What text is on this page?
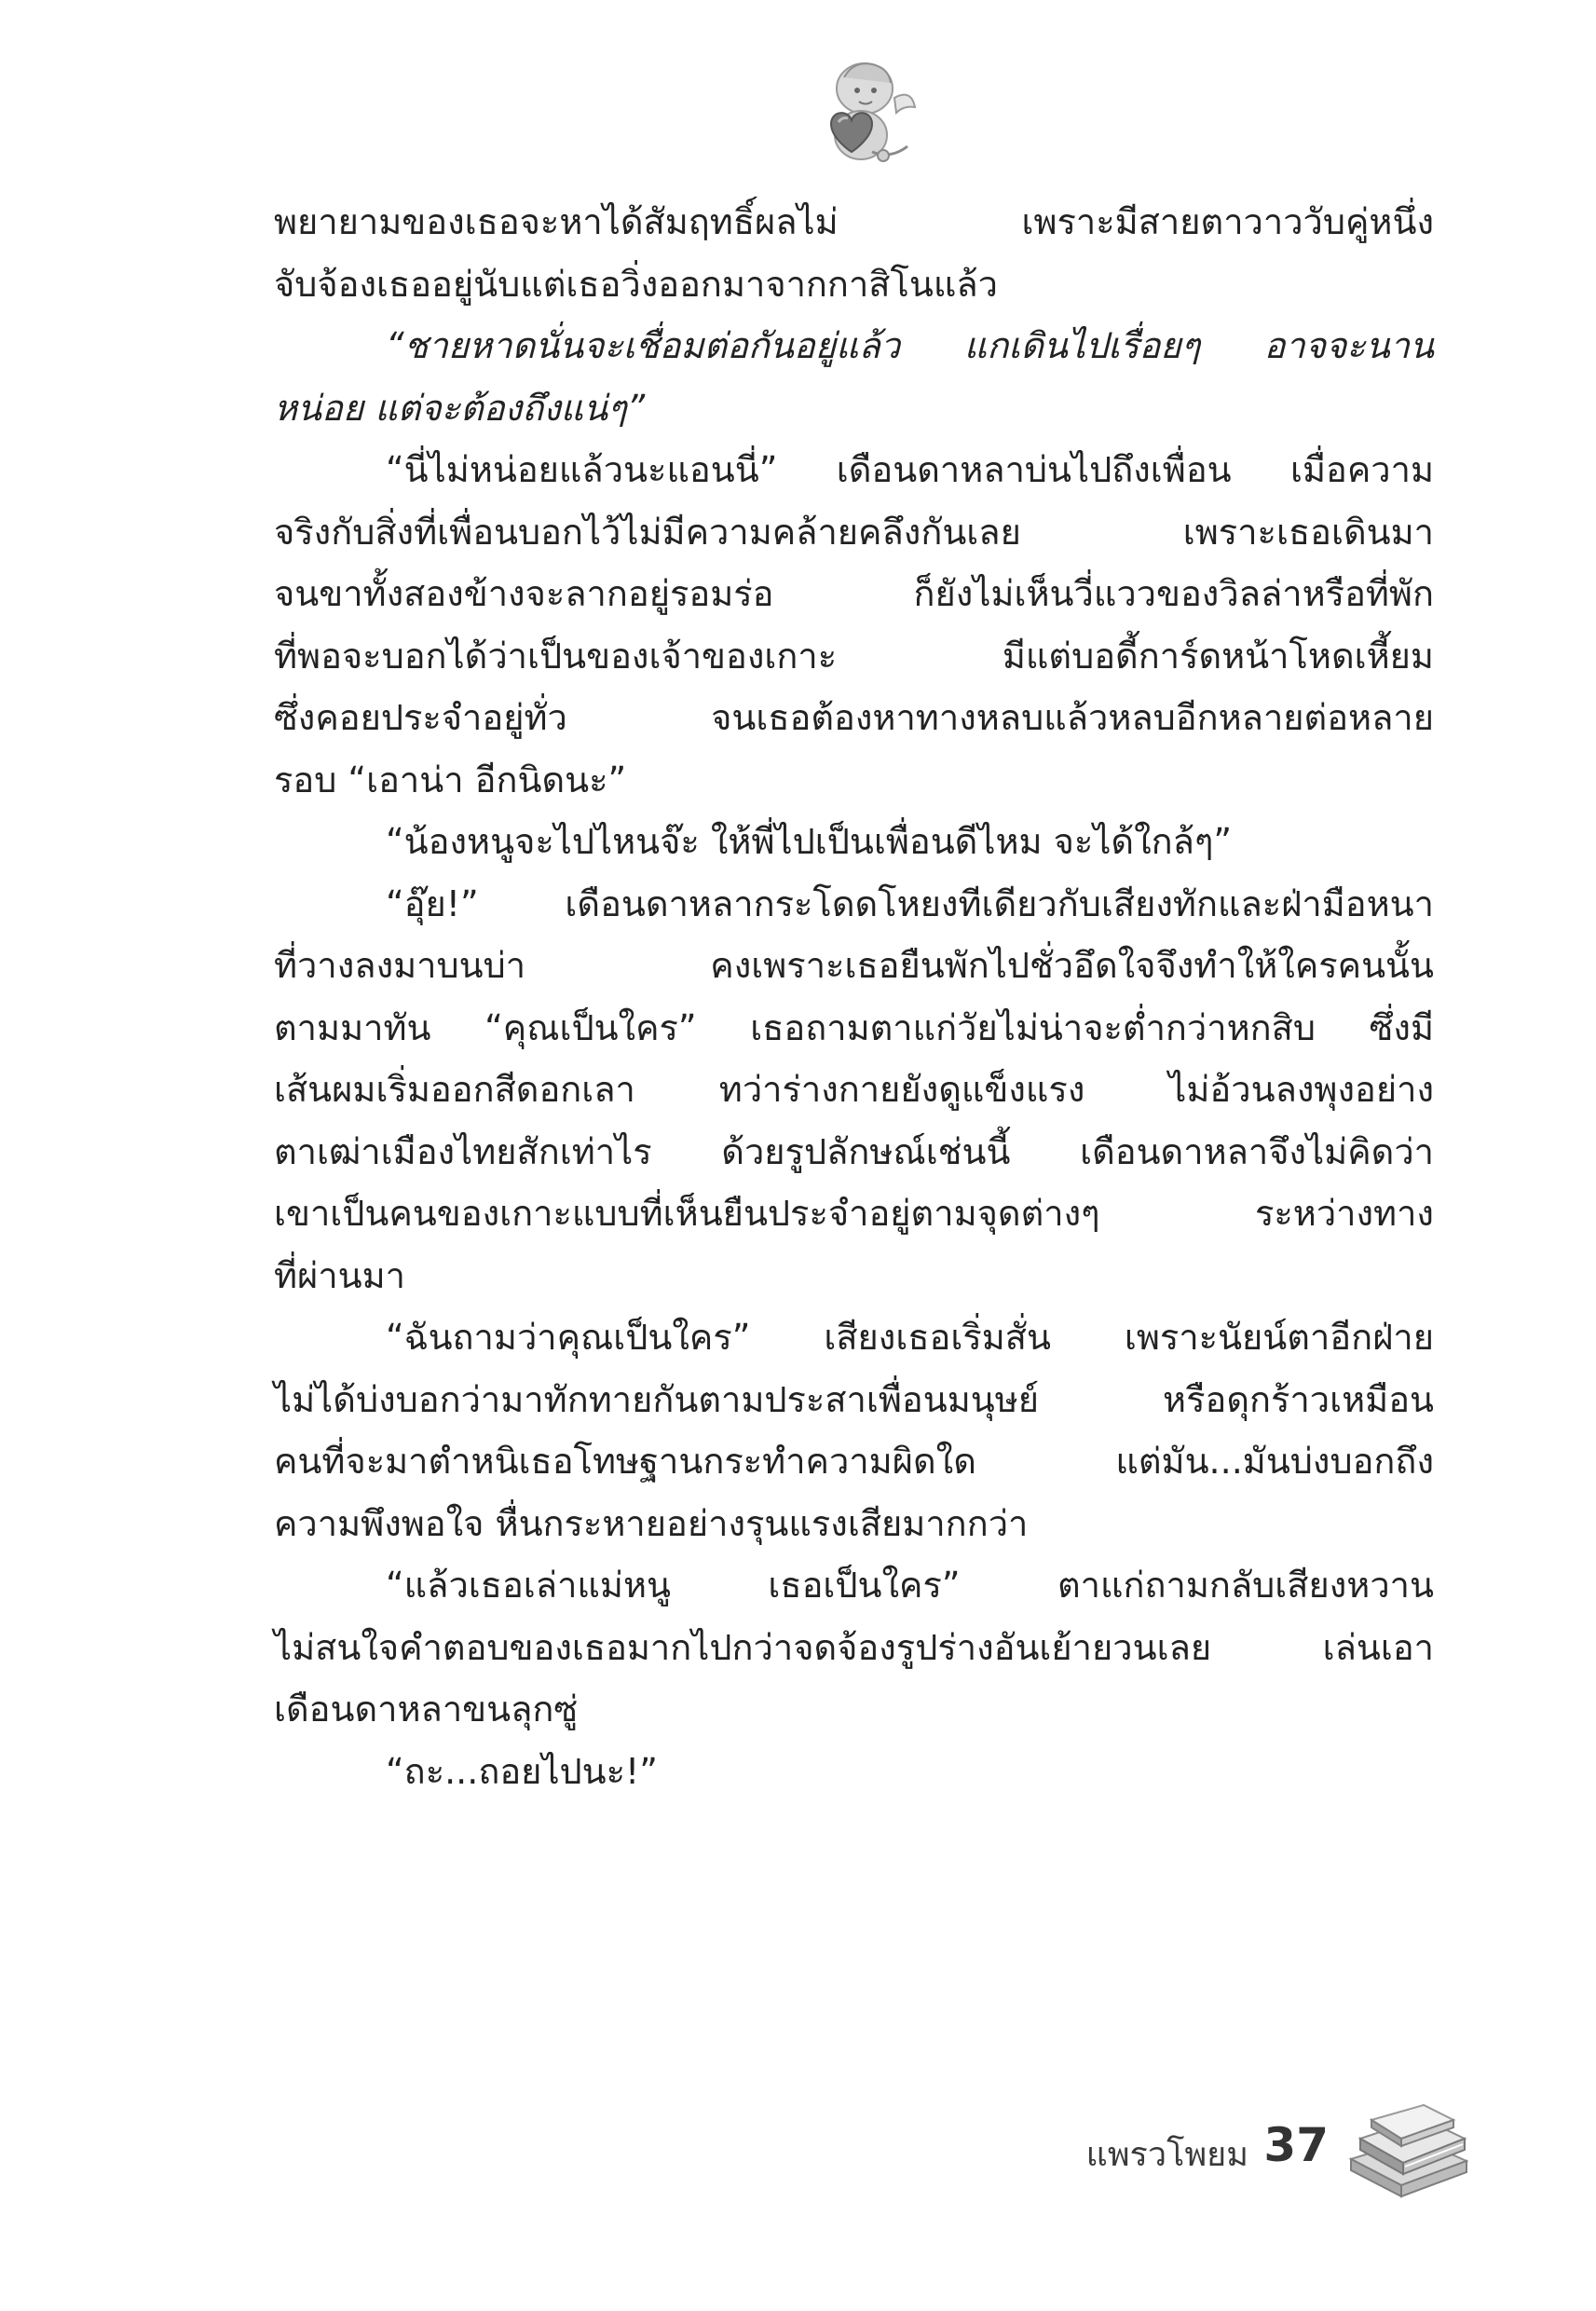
พยายามของเธอจะหาได้สัมฤทธิ์ผลไม่ เพราะมีสายตาวาววับคู่หนึ่ง
จับจ้องเธออยู่นับแต่เธอวิ่งออกมาจากกาสิโนแล้ว
“ชายหาดนั่นจะเชื่อมต่อกันอยู่แล้ว แกเดินไปเรื่อยๆ อาจจะนาน
หน่อย แต่จะต้องถึงแน่ๆ”
“นี่ไม่หน่อยแล้วนะแอนนี่” เดือนดาหลาบ่นไปถึงเพื่อน เมื่อความ
จริงกับสิ่งที่เพื่อนบอกไว้ไม่มีความคล้ายคลึงกันเลย เพราะเธอเดินมา
จนขาทั้งสองข้างจะลากอยู่รอมร่อ ก็ยังไม่เห็นวี่แววของวิลล่าหรือที่พัก
ที่พอจะบอกได้ว่าเป็นของเจ้าของเกาะ มีแต่บอดี้การ์ดหน้าโหดเหี้ยม
ซึ่งคอยประจำอยู่ทั่ว จนเธอต้องหาทางหลบแล้วหลบอีกหลายต่อหลาย
รอบ “เอาน่า อีกนิดนะ”
“น้องหนูจะไปไหนจ๊ะ ให้พี่ไปเป็นเพื่อนดีไหม จะได้ใกล้ๆ”
“อุ๊ย!” เดือนดาหลากระโดดโหยงทีเดียวกับเสียงทักและฝ่ามือหนา
ที่วางลงมาบนบ่า คงเพราะเธอยืนพักไปชั่วอึดใจจึงทำให้ใครคนนั้น
ตามมาทัน “คุณเป็นใคร” เธอถามตาแก่วัยไม่น่าจะต่ำกว่าหกสิบ ซึ่งมี
เส้นผมเริ่มออกสีดอกเลา ทว่าร่างกายยังดูแข็งแรง ไม่อ้วนลงพุงอย่าง
ตาเฒ่าเมืองไทยสักเท่าไร ด้วยรูปลักษณ์เช่นนี้ เดือนดาหลาจึงไม่คิดว่า
เขาเป็นคนของเกาะแบบที่เห็นยืนประจำอยู่ตามจุดต่างๆ ระหว่างทาง
ที่ผ่านมา
“ฉันถามว่าคุณเป็นใคร” เสียงเธอเริ่มสั่น เพราะนัยน์ตาอีกฝ่าย
ไม่ได้บ่งบอกว่ามาทักทายกันตามประสาเพื่อนมนุษย์ หรือดุกร้าวเหมือน
คนที่จะมาตำหนิเธอโทษฐานกระทำความผิดใด แต่มัน...มันบ่งบอกถึง
ความพึงพอใจ หื่นกระหายอย่างรุนแรงเสียมากกว่า
“แล้วเธอเล่าแม่หนู เธอเป็นใคร” ตาแก่ถามกลับเสียงหวาน
ไม่สนใจคำตอบของเธอมากไปกว่าจดจ้องรูปร่างอันเย้ายวนเลย เล่นเอา
เดือนดาหลาขนลุกซู่
“ถะ...ถอยไปนะ!”
แพรวโพยม 37
